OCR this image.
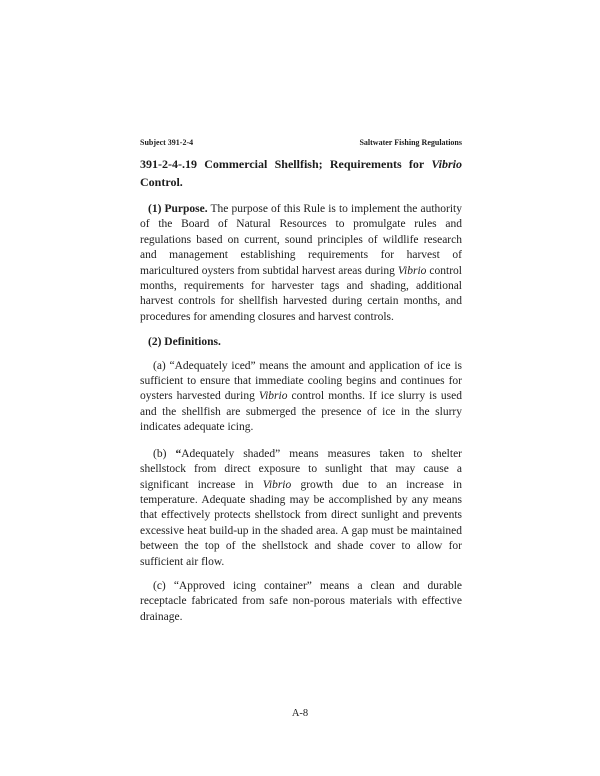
Subject 391-2-4	Saltwater Fishing Regulations
391-2-4-.19 Commercial Shellfish; Requirements for Vibrio
Control.

(1) Purpose. The purpose of this Rule is to implement the authority of the Board of Natural Resources to promulgate rules and regulations based on current, sound principles of wildlife research and management establishing requirements for harvest of maricultured oysters from subtidal harvest areas during Vibrio control months, requirements for harvester tags and shading, additional harvest controls for shellfish harvested during certain months, and procedures for amending closures and harvest controls.

(2) Definitions.

(a) “Adequately iced” means the amount and application of ice is sufficient to ensure that immediate cooling begins and continues for oysters harvested during Vibrio control months. If ice slurry is used and the shellfish are submerged the presence of ice in the slurry indicates adequate icing.

(b) “Adequately shaded” means measures taken to shelter shellstock from direct exposure to sunlight that may cause a significant increase in Vibrio growth due to an increase in temperature. Adequate shading may be accomplished by any means that effectively protects shellstock from direct sunlight and prevents excessive heat build-up in the shaded area. A gap must be maintained between the top of the shellstock and shade cover to allow for sufficient air flow.

(c) “Approved icing container” means a clean and durable receptacle fabricated from safe non-porous materials with effective drainage.

A-8
